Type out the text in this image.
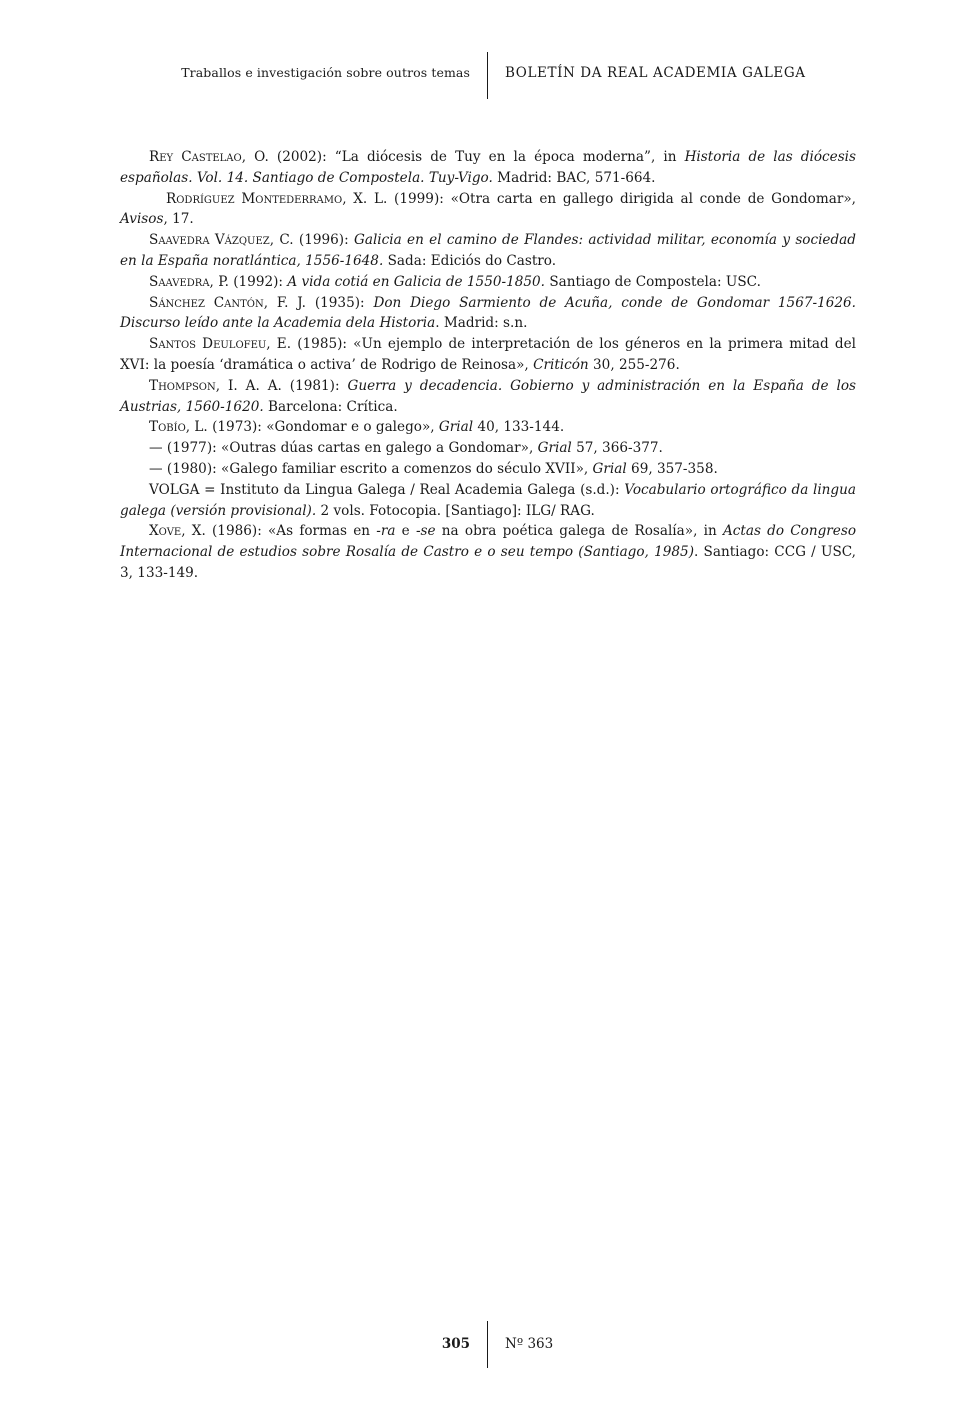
Traballos e investigación sobre outros temas	BOLETÍN DA REAL ACADEMIA GALEGA

Rey Castelao, O. (2002): “La diócesis de Tuy en la época moderna”, in Historia de las diócesis españolas. Vol. 14. Santiago de Compostela. Tuy-Vigo. Madrid: BAC, 571-664.

Rodríguez Montederramo, X. L. (1999): «Otra carta en gallego dirigida al conde de Gondomar», Avisos, 17.

Saavedra Vázquez, C. (1996): Galicia en el camino de Flandes: actividad militar, economía y sociedad en la España noratlántica, 1556-1648. Sada: Ediciós do Castro.

Saavedra, P. (1992): A vida cotiá en Galicia de 1550-1850. Santiago de Compostela: USC.

Sánchez Cantón, F. J. (1935): Don Diego Sarmiento de Acuña, conde de Gondomar 1567-1626. Discurso leído ante la Academia dela Historia. Madrid: s.n.

Santos Deulofeu, E. (1985): «Un ejemplo de interpretación de los géneros en la primera mitad del XVI: la poesía ‘dramática o activa’ de Rodrigo de Reinosa», Criticón 30, 255-276.

Thompson, I. A. A. (1981): Guerra y decadencia. Gobierno y administración en la España de los Austrias, 1560-1620. Barcelona: Crítica.

Tobío, L. (1973): «Gondomar e o galego», Grial 40, 133-144.

— (1977): «Outras dúas cartas en galego a Gondomar», Grial 57, 366-377.

— (1980): «Galego familiar escrito a comenzos do século XVII», Grial 69, 357-358.

VOLGA = Instituto da Lingua Galega / Real Academia Galega (s.d.): Vocabulario ortográfico da lingua galega (versión provisional). 2 vols. Fotocopia. [Santiago]: ILG/ RAG.

Xove, X. (1986): «As formas en -ra e -se na obra poética galega de Rosalía», in Actas do Congreso Internacional de estudios sobre Rosalía de Castro e o seu tempo (Santiago, 1985). Santiago: CCG / USC, 3, 133-149.

305	Nº 363
